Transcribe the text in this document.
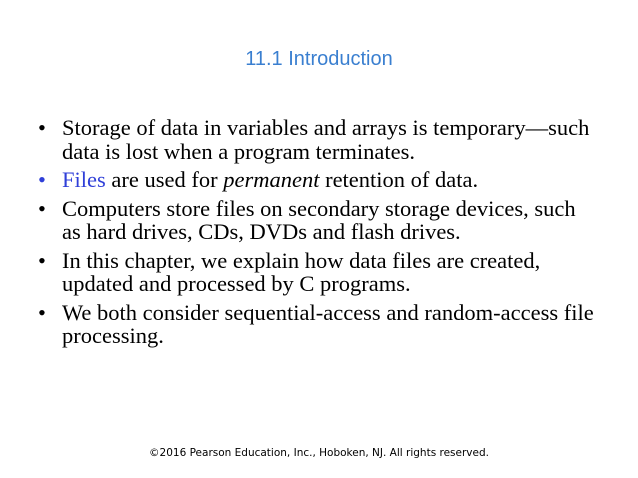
11.1 Introduction
• Storage of data in variables and arrays is temporary—such data is lost when a program terminates.
• Files are used for permanent retention of data.
• Computers store files on secondary storage devices, such as hard drives, CDs, DVDs and flash drives.
• In this chapter, we explain how data files are created, updated and processed by C programs.
• We both consider sequential-access and random-access file processing.
©2016 Pearson Education, Inc., Hoboken, NJ. All rights reserved.
